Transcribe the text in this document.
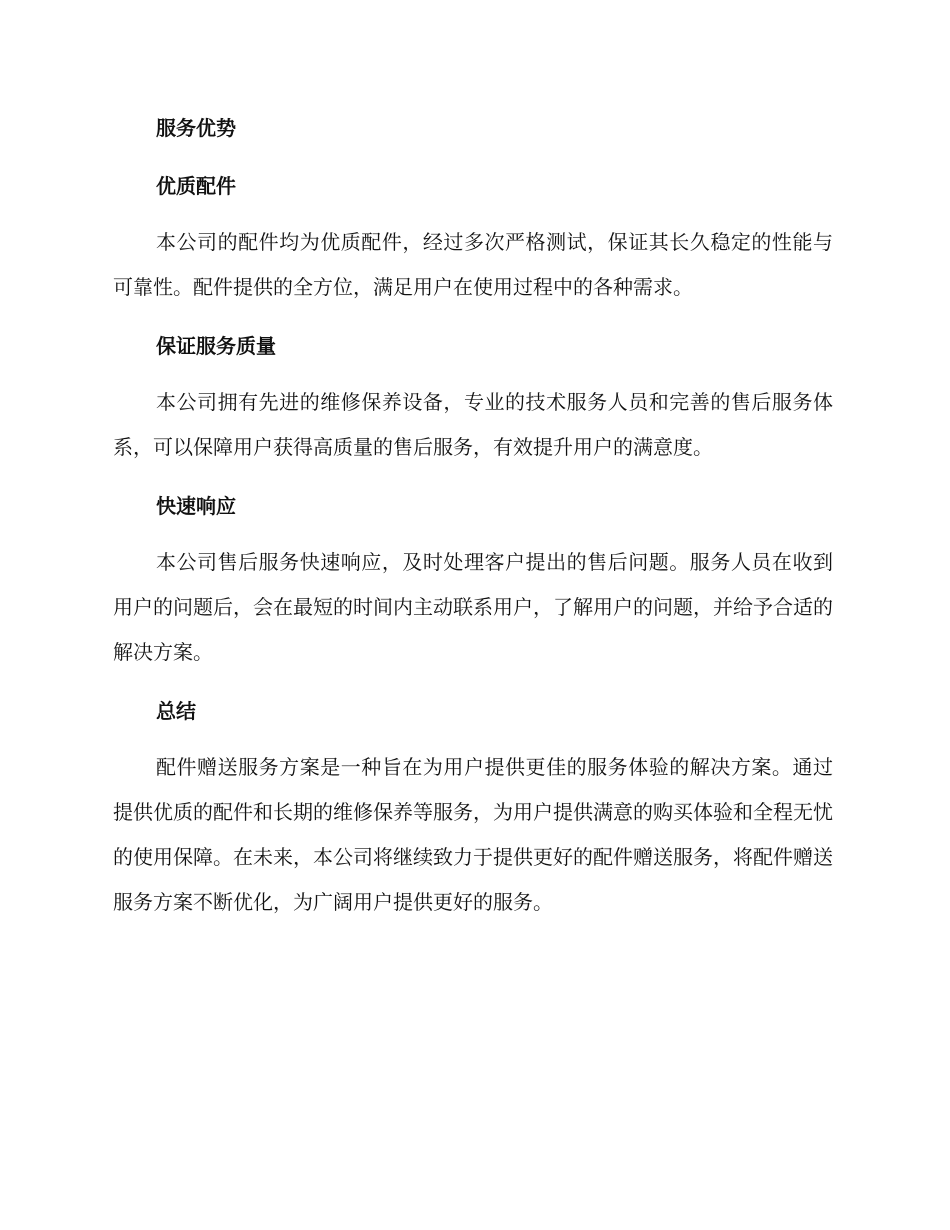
服务优势
优质配件

本公司的配件均为优质配件，经过多次严格测试，保证其长久稳定的性能与可靠性。配件提供的全方位，满足用户在使用过程中的各种需求。

保证服务质量

本公司拥有先进的维修保养设备，专业的技术服务人员和完善的售后服务体系，可以保障用户获得高质量的售后服务，有效提升用户的满意度。

快速响应

本公司售后服务快速响应，及时处理客户提出的售后问题。服务人员在收到用户的问题后，会在最短的时间内主动联系用户，了解用户的问题，并给予合适的解决方案。

总结

配件赠送服务方案是一种旨在为用户提供更佳的服务体验的解决方案。通过提供优质的配件和长期的维修保养等服务，为用户提供满意的购买体验和全程无忧的使用保障。在未来，本公司将继续致力于提供更好的配件赠送服务，将配件赠送服务方案不断优化，为广阔用户提供更好的服务。
